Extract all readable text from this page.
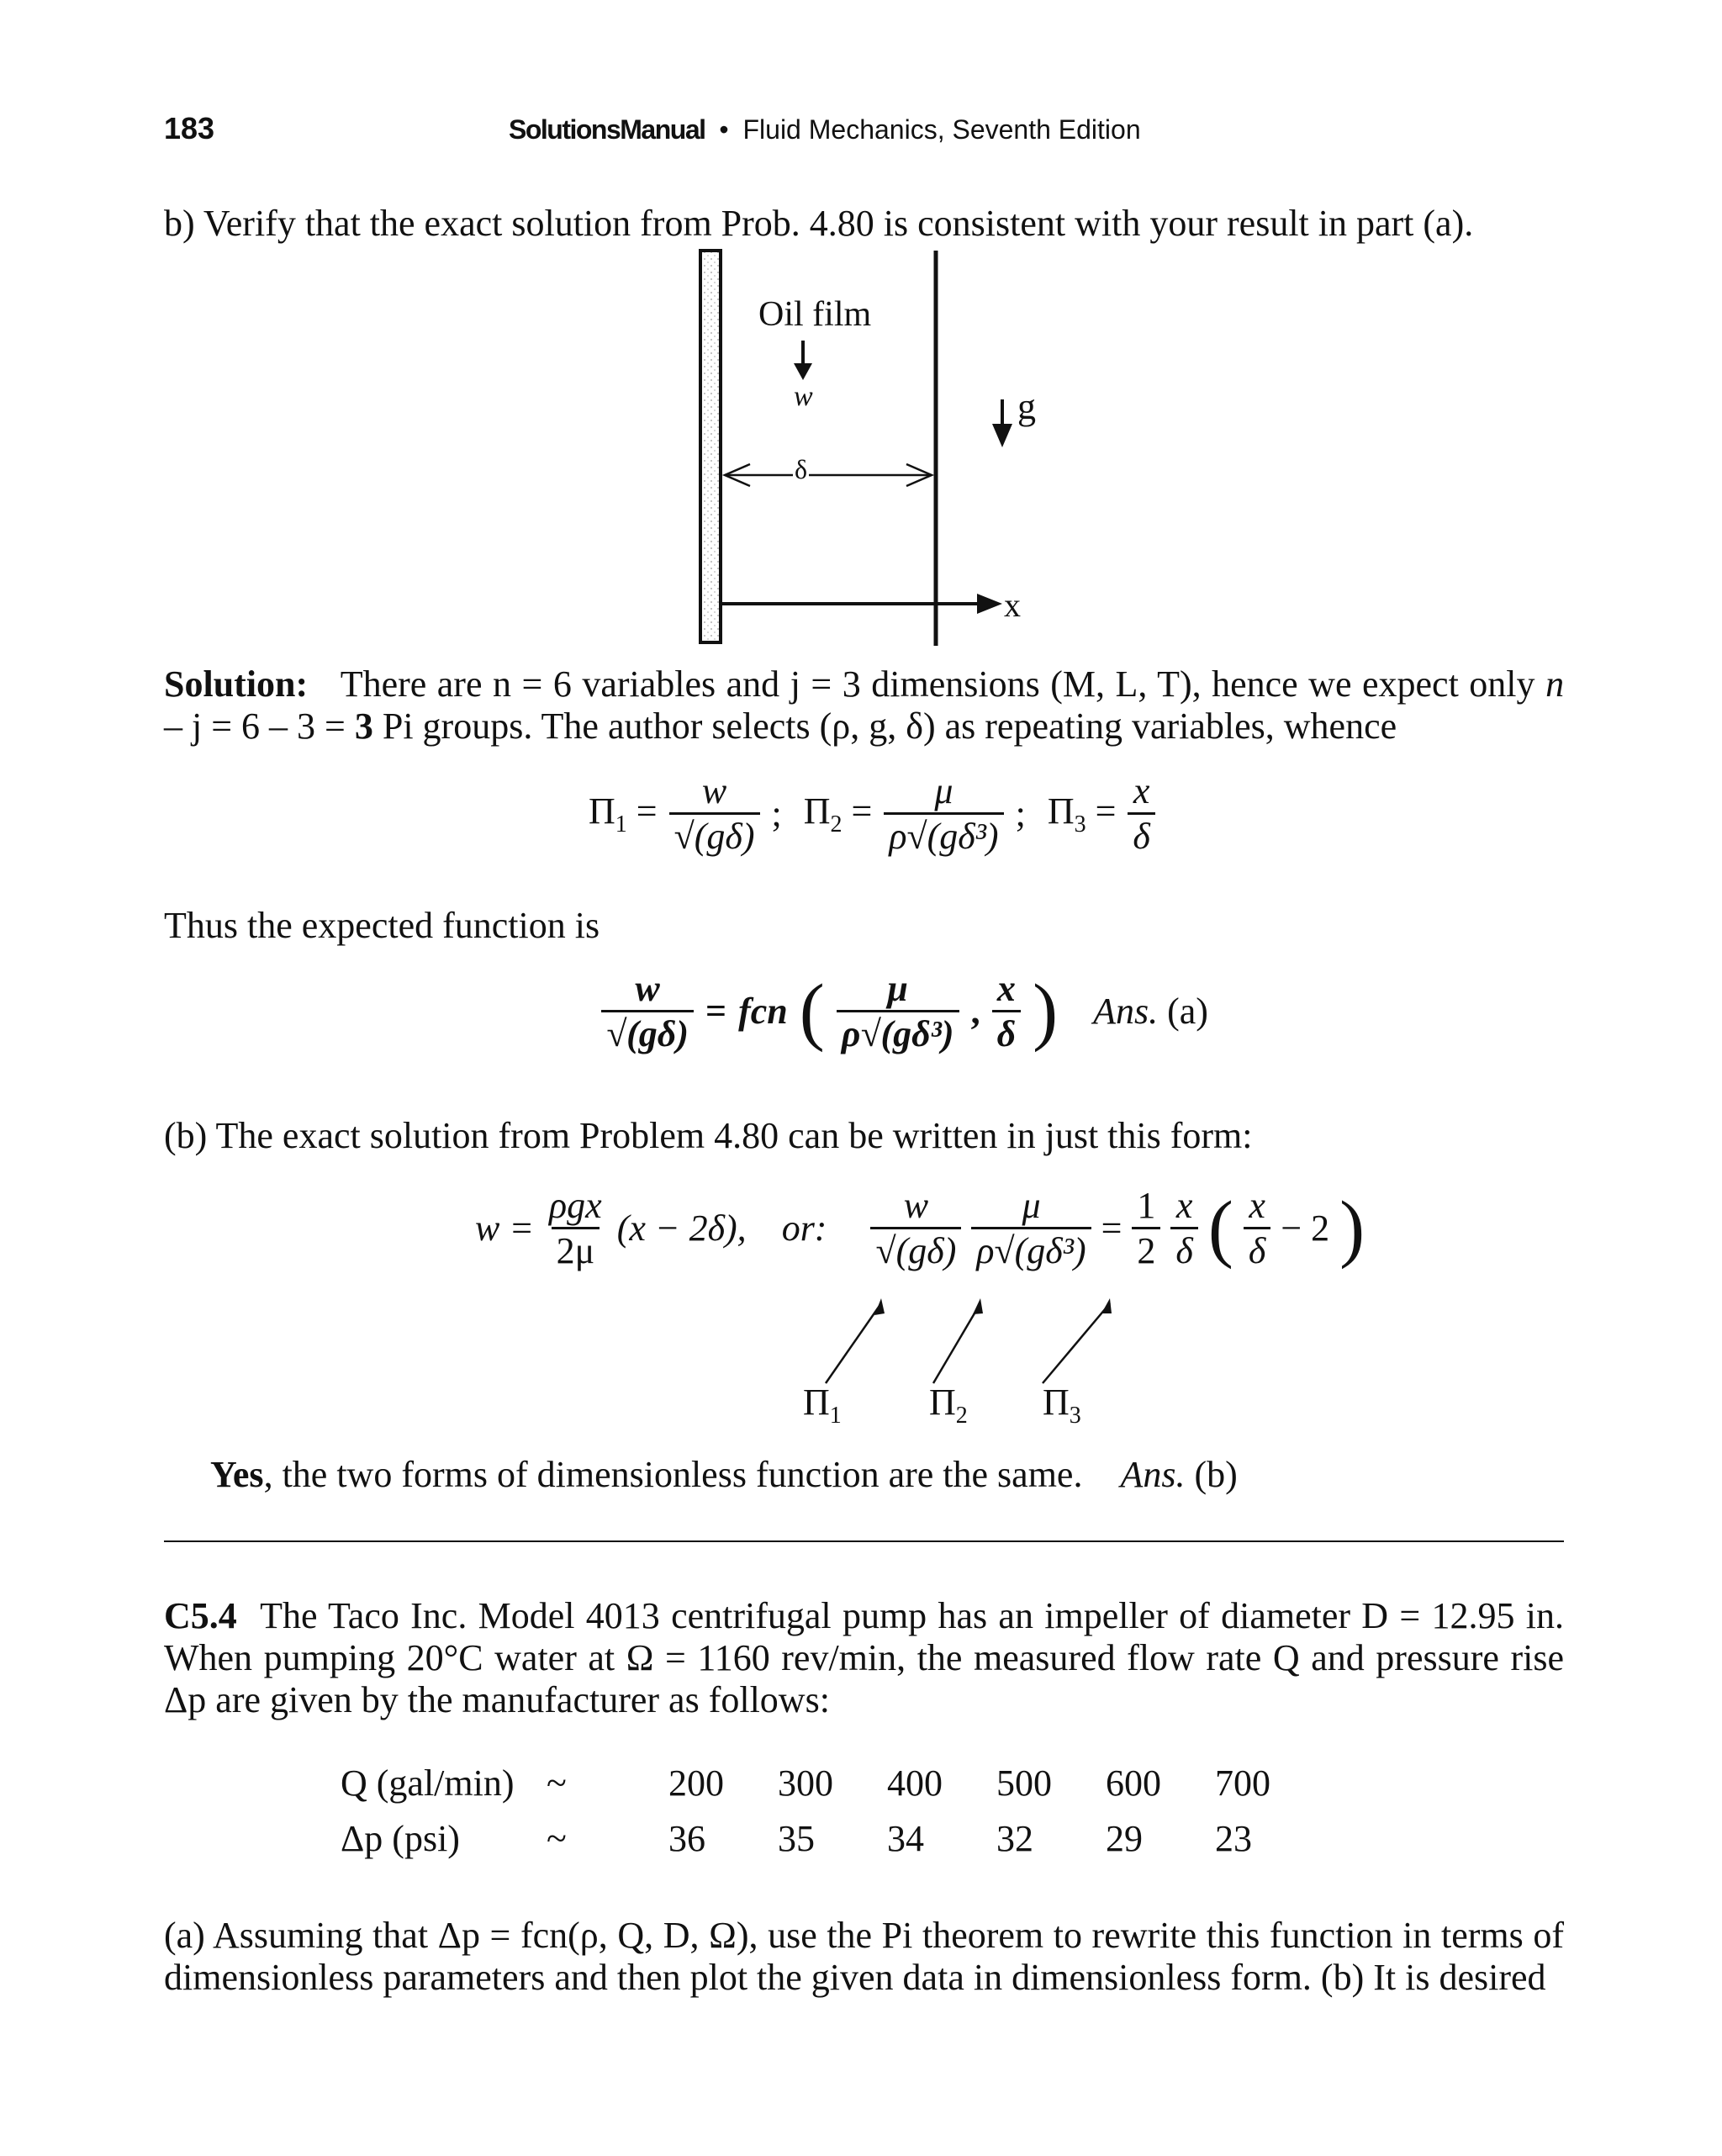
183	SolutionsManual • Fluid Mechanics, Seventh Edition
b) Verify that the exact solution from Prob. 4.80 is consistent with your result in part (a).
Oil film
w	g
δ
x
Solution: There are n = 6 variables and j = 3 dimensions (M, L, T), hence we expect only n
– j = 6 – 3 = 3 Pi groups. The author selects (ρ, g, δ) as repeating variables, whence
$\Pi_1 = \frac{w}{√(g\delta)}$ ; $\Pi_2 = \frac{\mu}{\text{ρ√(gδ³)}}$ ; $\Pi_3 = \frac{x}{\delta}$
Thus the expected function is
$\frac{w}{√(g\delta)}$ = fcn ( $\frac{\mu}{\text{ρ√(gδ³)}}$ , $\frac{x}{\delta}$ ) Ans. (a)
(b) The exact solution from Problem 4.80 can be written in just this form:
$w = \frac{\text{ρgx}}{2\mu} (x - 2\delta)$, or: $\frac{w}{√(g\delta)} \frac{\mu}{\text{ρ√(gδ³)}} = \frac{1}{2} \frac{x}{\delta}$ ( $\frac{x}{\delta} - 2$ )
$\Pi_1$ $\Pi_2$ $\Pi_3$
Yes, the two forms of dimensionless function are the same. Ans. (b)
C5.4 The Taco Inc. Model 4013 centrifugal pump has an impeller of diameter D = 12.95 in. When pumping 20°C water at Ω = 1160 rev/min, the measured flow rate Q and pressure rise Δp are given by the manufacturer as follows:
Q (gal/min)	~	200	300	400	500	600	700
Δp (psi)	~	36	35	34	32	29	23
(a) Assuming that Δp = fcn(ρ, Q, D, Ω), use the Pi theorem to rewrite this function in terms of dimensionless parameters and then plot the given data in dimensionless form. (b) It is desired
